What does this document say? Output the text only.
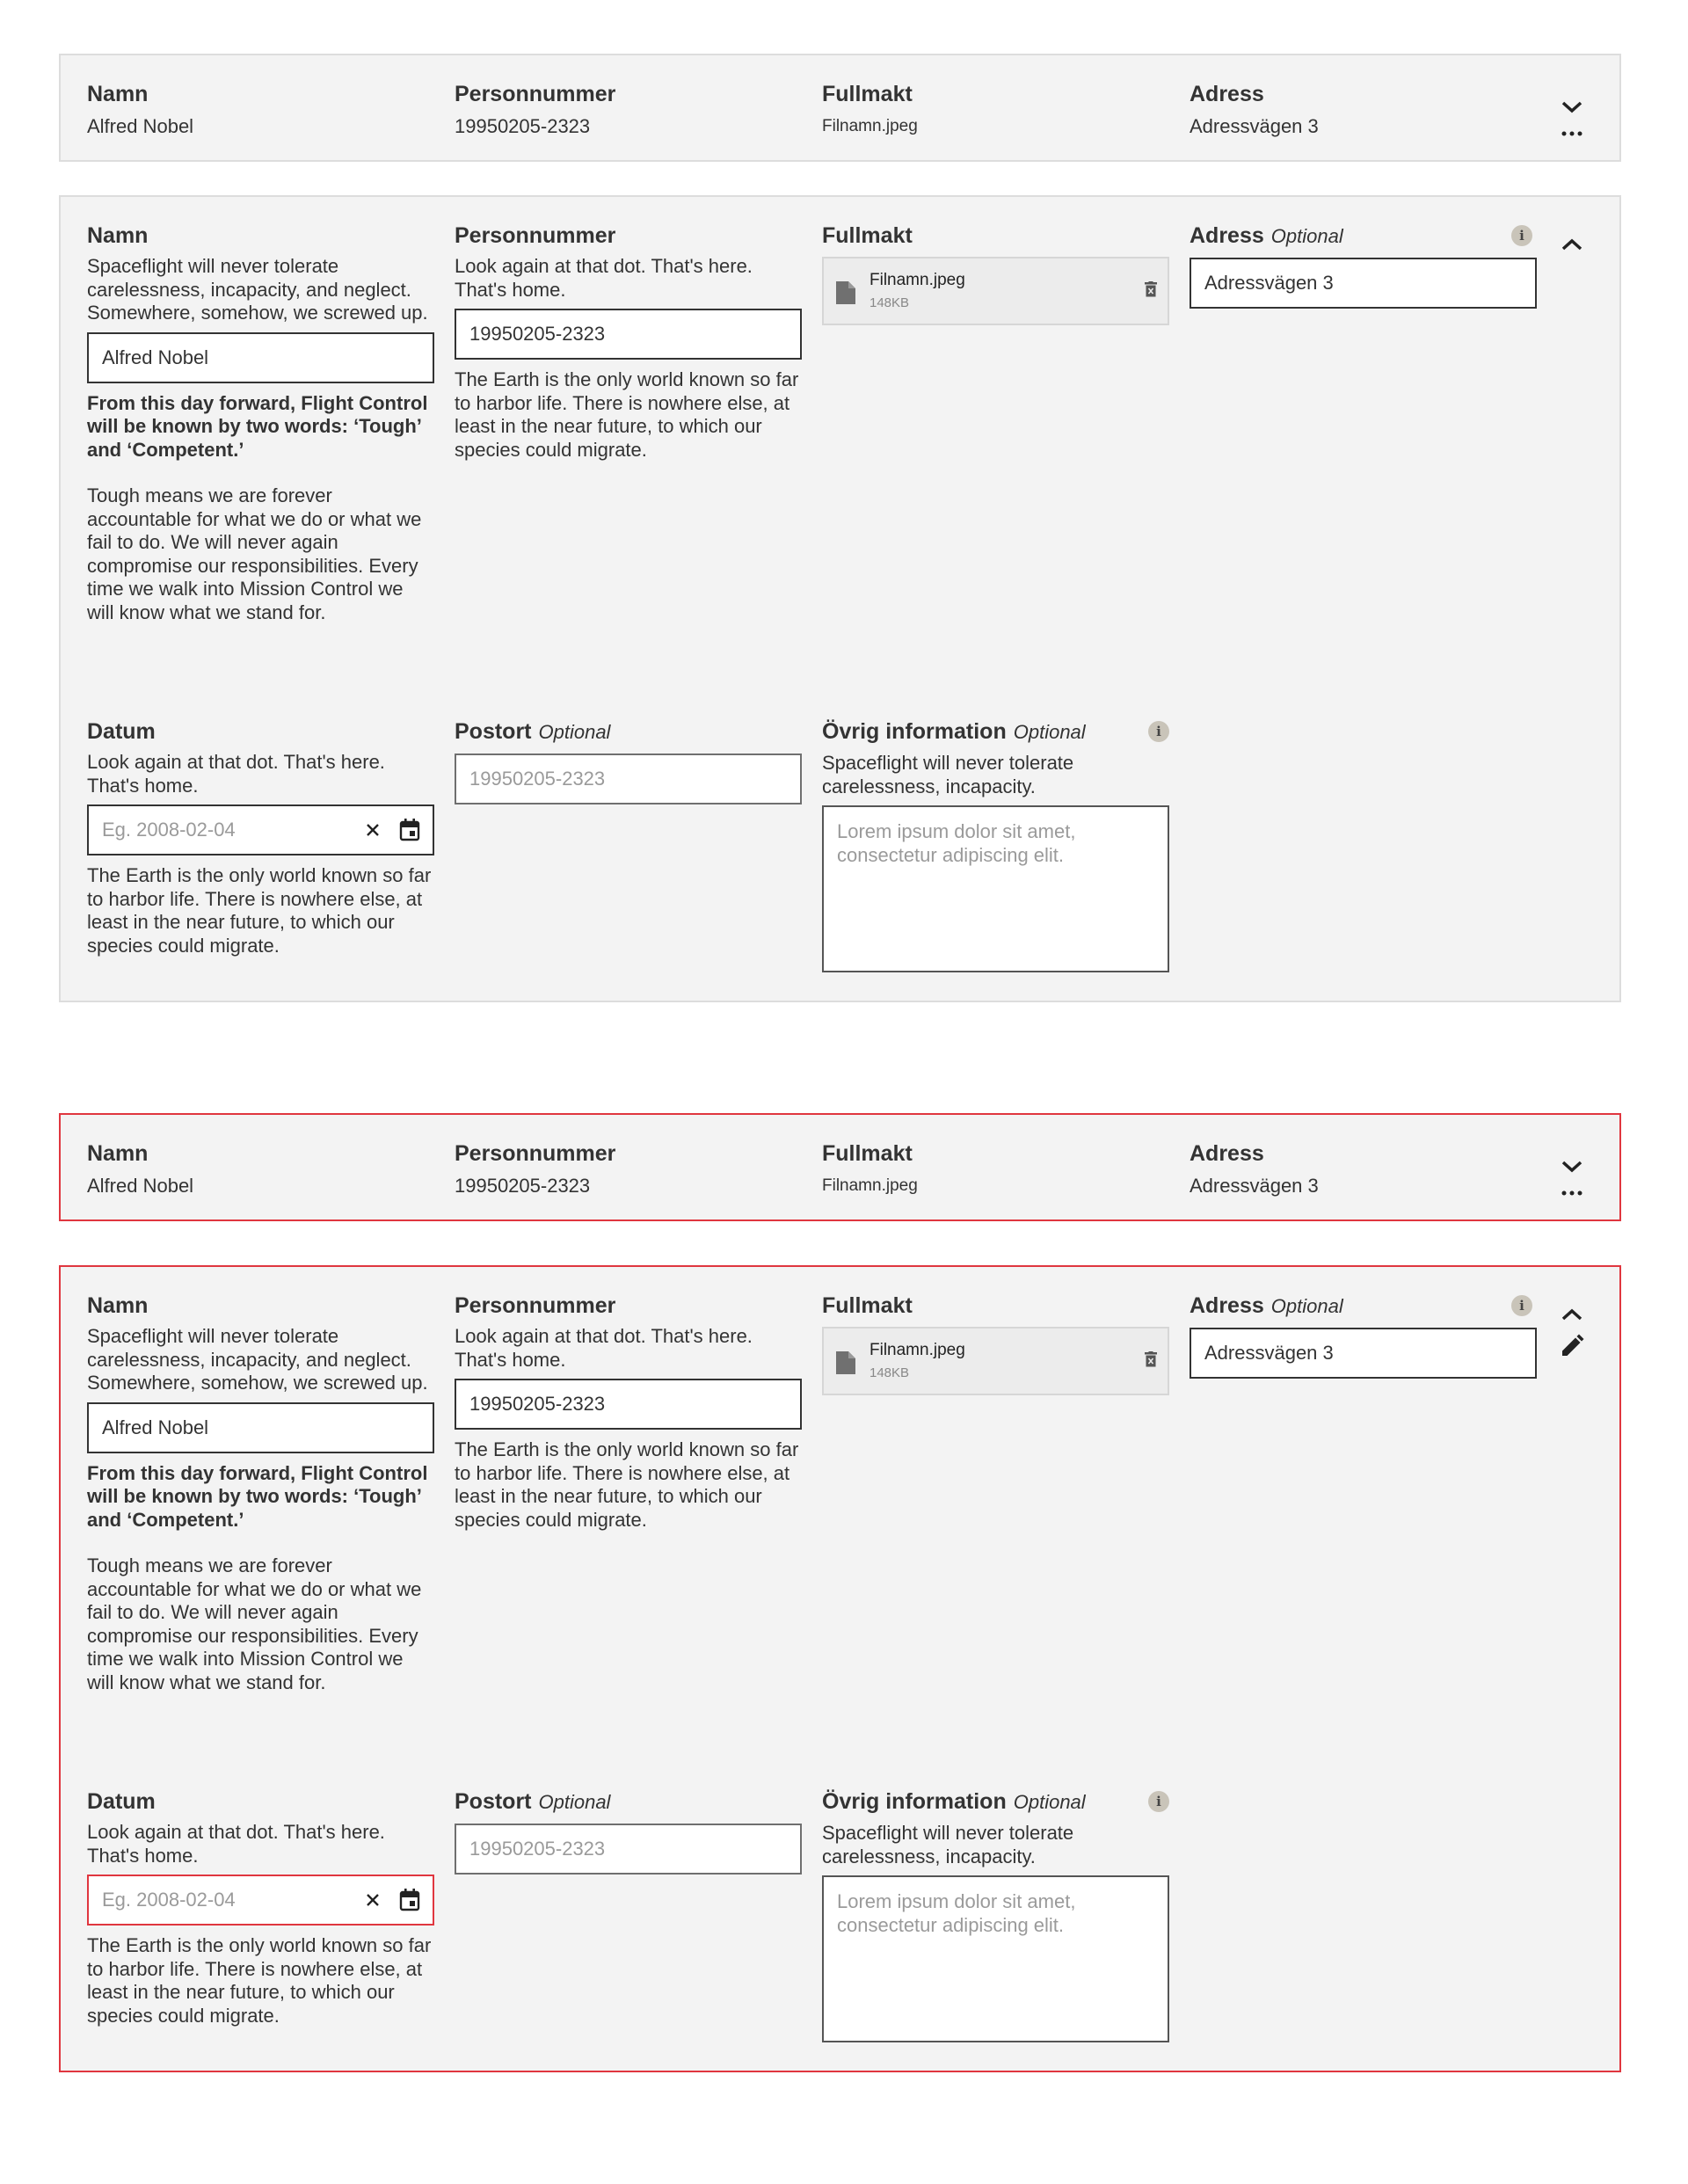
Namn
Alfred Nobel
Personnummer
19950205-2323
Fullmakt
Filnamn.jpeg
Adress
Adressvägen 3
Namn
Spaceflight will never tolerate carelessness, incapacity, and neglect. Somewhere, somehow, we screwed up.
Alfred Nobel
From this day forward, Flight Control will be known by two words: ‘Tough’ and ‘Competent.’
Tough means we are forever accountable for what we do or what we fail to do. We will never again compromise our responsibilities. Every time we walk into Mission Control we will know what we stand for.
Personnummer
Look again at that dot. That's here. That's home.
19950205-2323
The Earth is the only world known so far to harbor life. There is nowhere else, at least in the near future, to which our species could migrate.
Fullmakt
Filnamn.jpeg
148KB
Adress Optional
Adressvägen 3
i
Datum
Look again at that dot. That's here. That's home.
Eg. 2008-02-04
The Earth is the only world known so far to harbor life. There is nowhere else, at least in the near future, to which our species could migrate.
Postort Optional
19950205-2323
Övrig information Optional
Spaceflight will never tolerate carelessness, incapacity.
Lorem ipsum dolor sit amet, consectetur adipiscing elit.
i
Namn
Alfred Nobel
Personnummer
19950205-2323
Fullmakt
Filnamn.jpeg
Adress
Adressvägen 3
Namn
Spaceflight will never tolerate carelessness, incapacity, and neglect. Somewhere, somehow, we screwed up.
Alfred Nobel
From this day forward, Flight Control will be known by two words: ‘Tough’ and ‘Competent.’
Tough means we are forever accountable for what we do or what we fail to do. We will never again compromise our responsibilities. Every time we walk into Mission Control we will know what we stand for.
Personnummer
Look again at that dot. That's here. That's home.
19950205-2323
The Earth is the only world known so far to harbor life. There is nowhere else, at least in the near future, to which our species could migrate.
Fullmakt
Filnamn.jpeg
148KB
Adress Optional
Adressvägen 3
i
Datum
Look again at that dot. That's here. That's home.
Eg. 2008-02-04
The Earth is the only world known so far to harbor life. There is nowhere else, at least in the near future, to which our species could migrate.
Postort Optional
19950205-2323
Övrig information Optional
Spaceflight will never tolerate carelessness, incapacity.
Lorem ipsum dolor sit amet, consectetur adipiscing elit.
i
